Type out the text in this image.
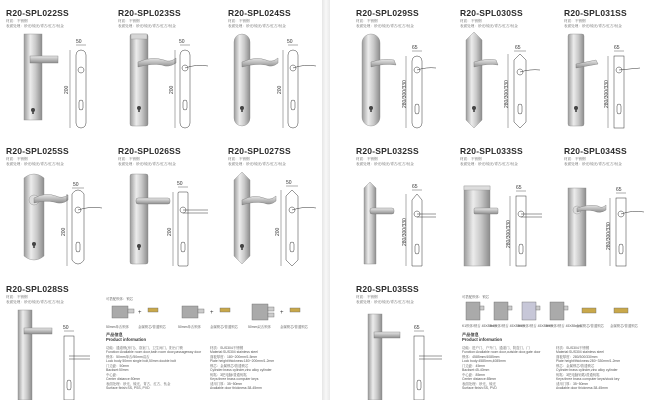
R20-SPL022SS
材质：不锈钢
表面处理：砂光/镜光/青古/红古/钛金
50
200
R20-SPL023SS
材质：不锈钢
表面处理：砂光/镜光/青古/红古/钛金
50
200
R20-SPL024SS
材质：不锈钢
表面处理：砂光/镜光/青古/红古/钛金
50
200
R20-SPL025SS
材质：不锈钢
表面处理：砂光/镜光/青古/红古/钛金
50
200
R20-SPL026SS
材质：不锈钢
表面处理：砂光/镜光/青古/红古/钛金
50
200
R20-SPL027SS
材质：不锈钢
表面处理：砂光/镜光/青古/红古/钛金
50
200
R20-SPL028SS
材质：不锈钢
表面处理：砂光/镜光/青古/红古/钛金
50
可搭配锁体：锁芯
+	+	+
50mm单舌锁体	金属锁芯/普通锁芯	50mm单舌锁体	金属锁芯/普通锁芯	50mm双舌锁体	金属锁芯/普通锁芯
产品信息
Product information
功能：通道锁(房门)、浴室门、卫生间门、阳台门锁
Function:Available room door,bath room door,passageway door
锁体：50mm单舌/50mm双舌
Lock body 50mm single bolt,50mm double bolt
门边距：50mm
Backset:50mm
中心距：
Center distance:50mm
表面处理：砂光、镜光、青古、红古、钛金
Surface finish:SS, PSS, PVD
材质：SUS304不锈钢
Material:SUS304 stainless steel
面板厚度：180~200mm/1.5mm
Plate height/thickness:180~200mm/1.2mm
锁芯：金属锁芯/普通锁芯
Cylinder:brass cylinder,zinc alloy cylinder
钥匙：3把电脑/普通钥匙
Keys:three brass computer keys
适用门厚：35~50mm
Available door thickness:38-45mm
R20-SPL029SS
材质：不锈钢
表面处理：砂光/镜光/青古/红古/钛金
65
280/300/330
R20-SPL030SS
材质：不锈钢
表面处理：砂光/镜光/青古/红古/钛金
65
280/300/330
R20-SPL031SS
材质：不锈钢
表面处理：砂光/镜光/青古/红古/钛金
65
280/300/330
R20-SPL032SS
材质：不锈钢
表面处理：砂光/镜光/青古/红古/钛金
65
280/300/330
R20-SPL033SS
材质：不锈钢
表面处理：砂光/镜光/青古/红古/钛金
65
280/300/330
R20-SPL034SS
材质：不锈钢
表面处理：砂光/镜光/青古/红古/钛金
65
280/300/330
R20-SPL035SS
材质：不锈钢
表面处理：砂光/镜光/青古/红古/钛金
65
可搭配锁体：锁芯
K1锁体/锁舌 45X85mm
K4锁体/锁舌 45X85mm
K5锁体/锁舌 45X85mm
K9锁体/锁舌 45X85mm
金属锁芯/普通锁芯 金属锁芯/普通锁芯
产品信息
Product information
功能：进户门、户外门、通道门、防盗门、门
Function:Available room door,outside door,gate door
锁体：4585mm/4085mm
Lock body:4585mm,4085mm
门边距：45mm
Backset:45-40mm
中心距：85mm
Center distance:85mm
表面处理：砂光、镜光
Surface finish:SS, PVD
材质：SUS304不锈钢
Material:SUS304 stainless steel
面板厚度：280/300/330mm
Plate height/thickness:280~330mm/1.2mm
锁芯：金属锁芯/普通锁芯
Cylinder:brass cylinder,zinc alloy cylinder
钥匙：3把电脑钥匙/普通钥匙
Keys:three brass computer keys/stock key
适用门厚：35~50mm
Available door thickness:38-45mm
